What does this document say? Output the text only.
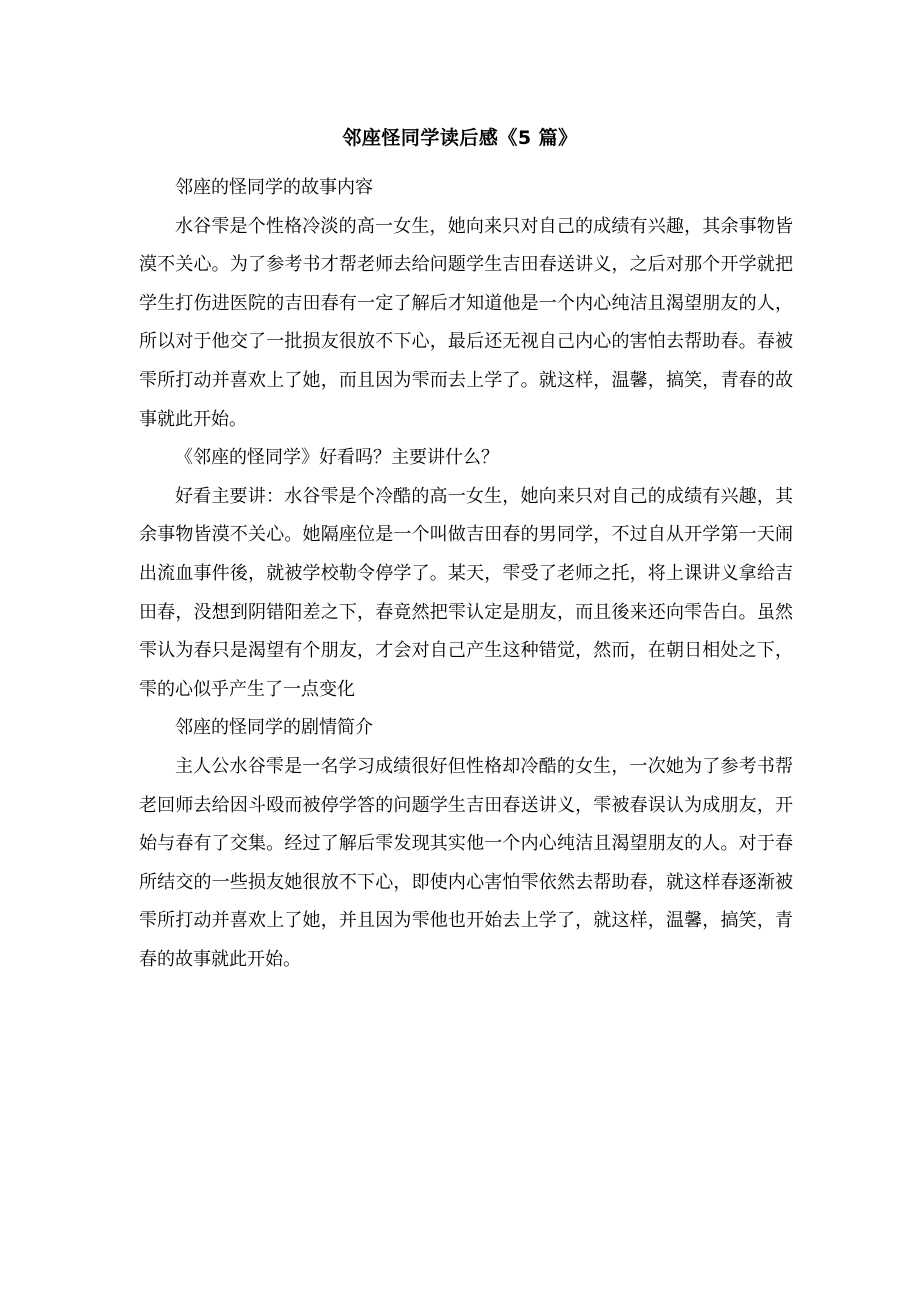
邻座怪同学读后感《5 篇》

邻座的怪同学的故事内容

水谷雫是个性格冷淡的高一女生，她向来只对自己的成绩有兴趣，其余事物皆漠不关心。为了参考书才帮老师去给问题学生吉田春送讲义，之后对那个开学就把学生打伤进医院的吉田春有一定了解后才知道他是一个内心纯洁且渴望朋友的人，所以对于他交了一批损友很放不下心，最后还无视自己内心的害怕去帮助春。春被雫所打动并喜欢上了她，而且因为雫而去上学了。就这样，温馨，搞笑，青春的故事就此开始。

《邻座的怪同学》好看吗？主要讲什么？

好看主要讲：水谷雫是个冷酷的高一女生，她向来只对自己的成绩有兴趣，其余事物皆漠不关心。她隔座位是一个叫做吉田春的男同学，不过自从开学第一天闹出流血事件後，就被学校勒令停学了。某天，雫受了老师之托，将上课讲义拿给吉田春，没想到阴错阳差之下，春竟然把雫认定是朋友，而且後来还向雫告白。虽然雫认为春只是渴望有个朋友，才会对自己产生这种错觉，然而，在朝日相处之下，雫的心似乎产生了一点变化

邻座的怪同学的剧情简介

主人公水谷雫是一名学习成绩很好但性格却冷酷的女生，一次她为了参考书帮老回师去给因斗殴而被停学答的问题学生吉田春送讲义，雫被春误认为成朋友，开始与春有了交集。经过了解后雫发现其实他一个内心纯洁且渴望朋友的人。对于春所结交的一些损友她很放不下心，即使内心害怕雫依然去帮助春，就这样春逐渐被雫所打动并喜欢上了她，并且因为雫他也开始去上学了，就这样，温馨，搞笑，青春的故事就此开始。
